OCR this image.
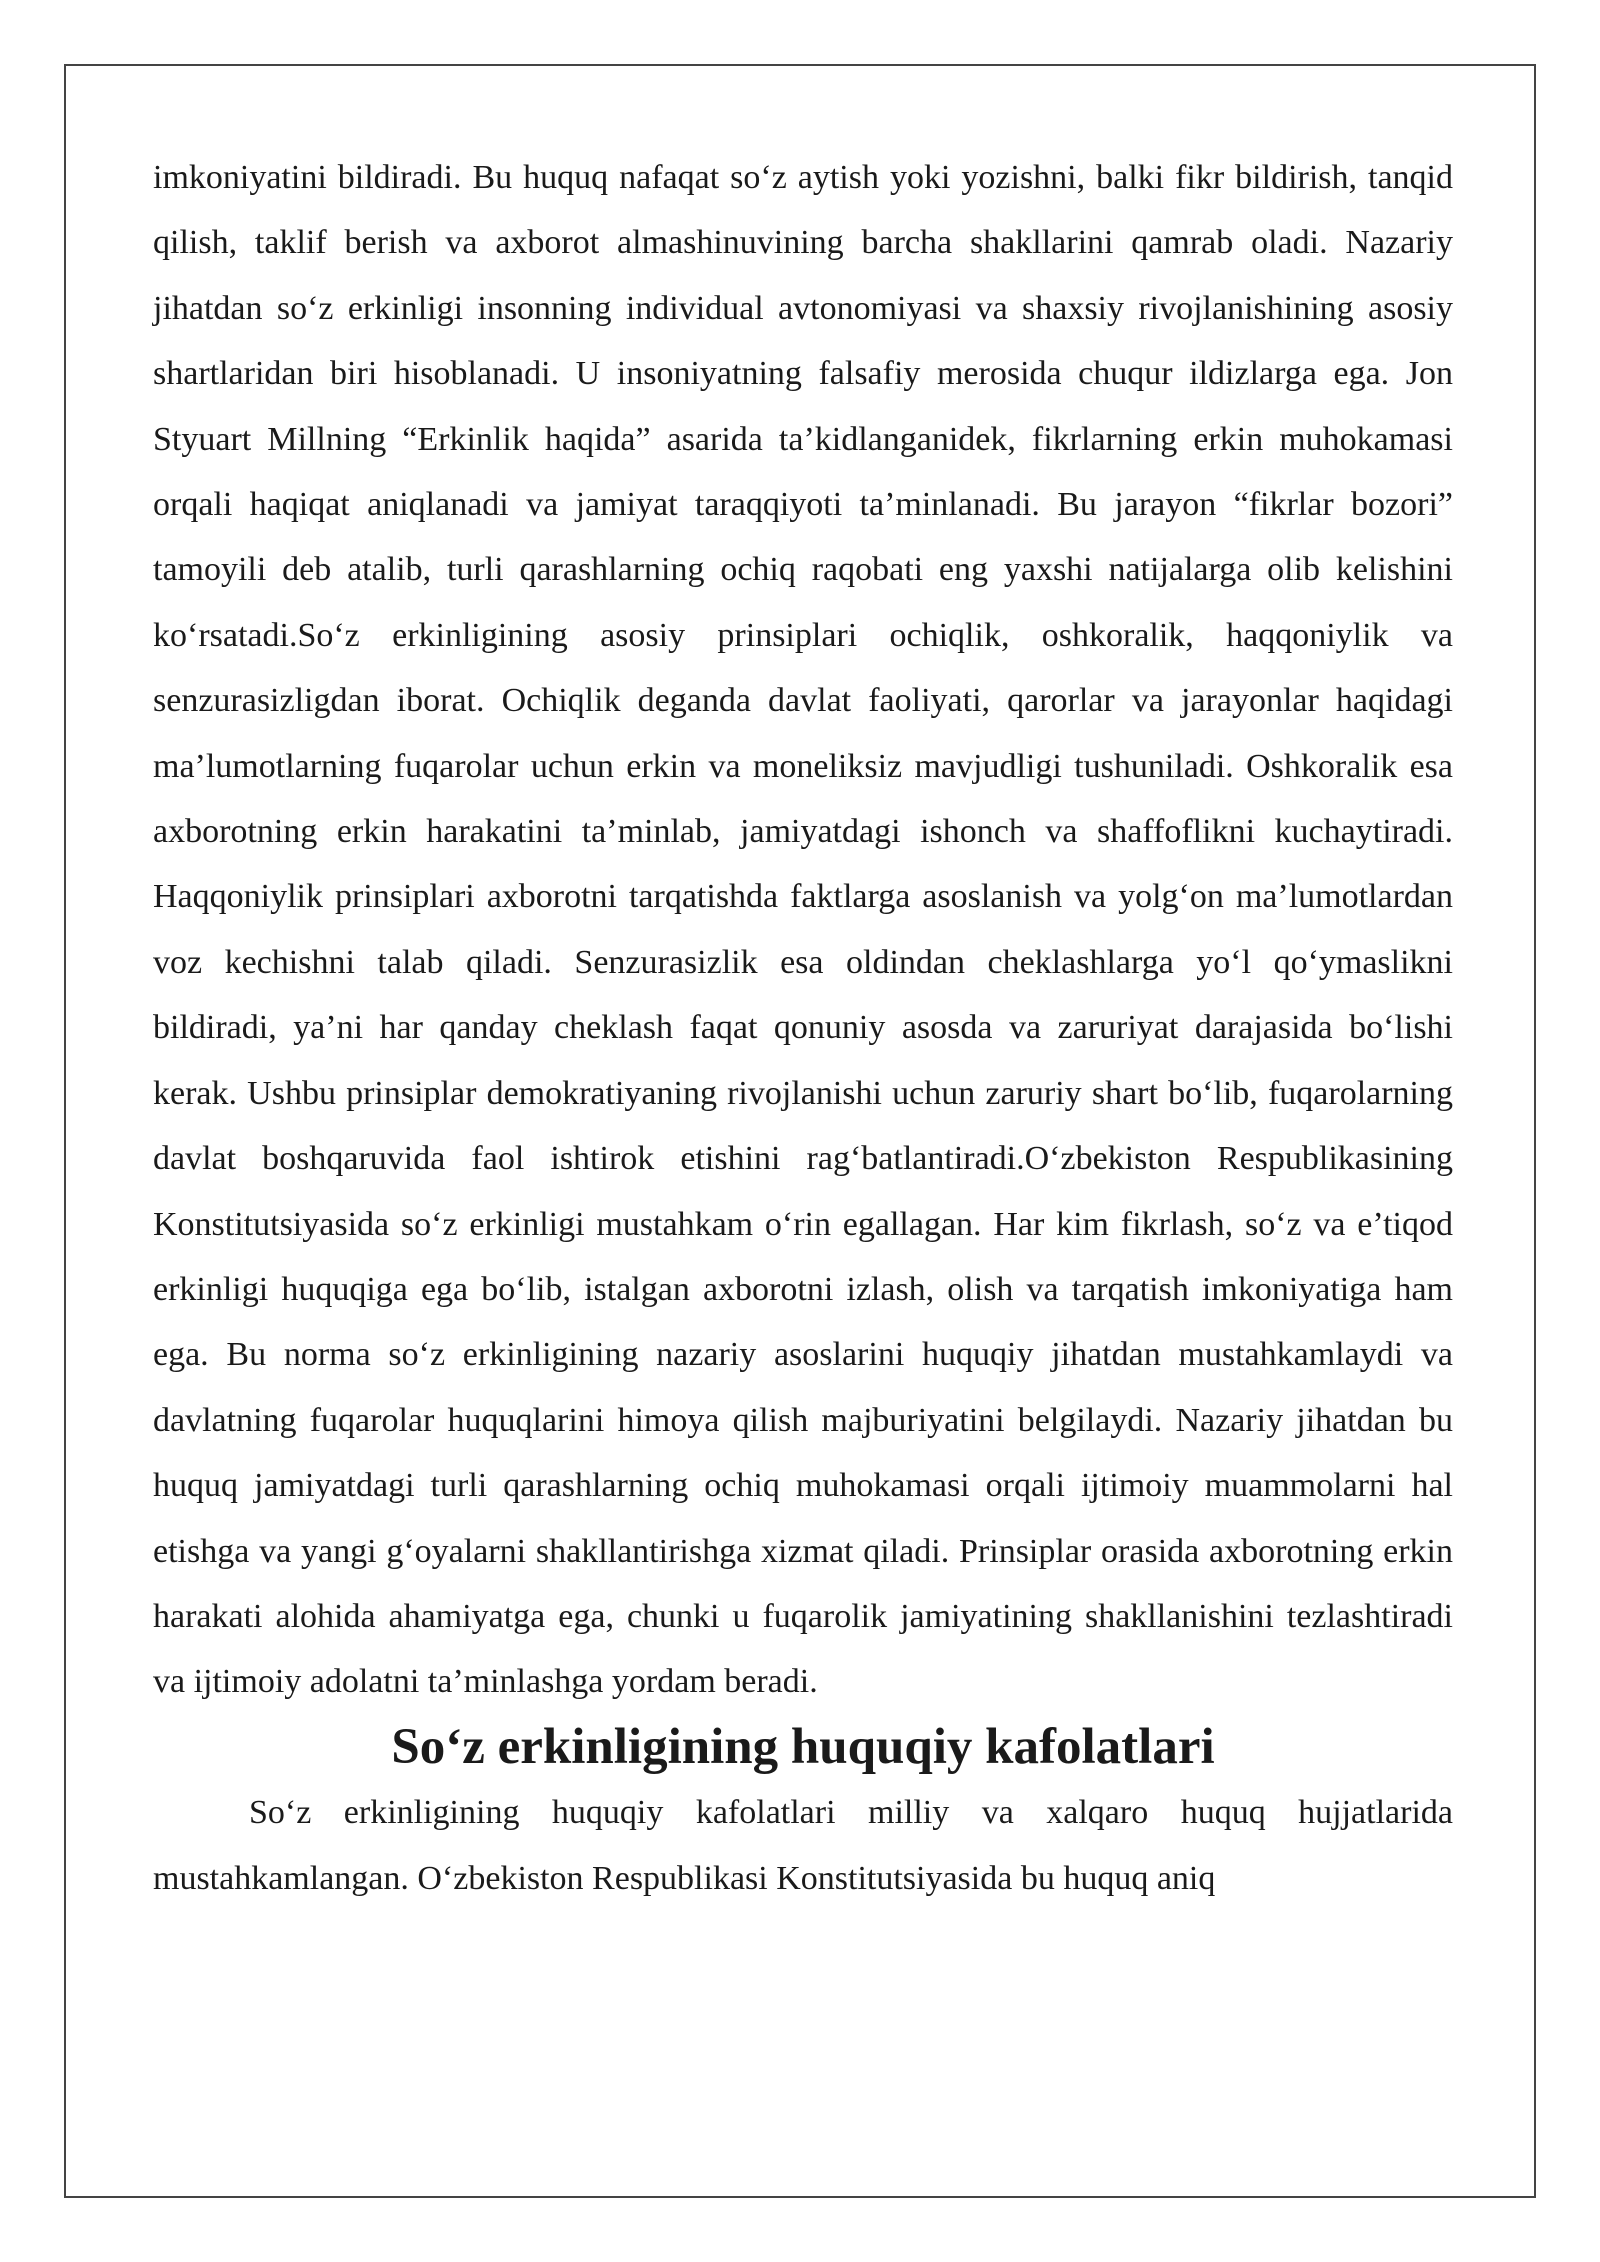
imkoniyatini bildiradi. Bu huquq nafaqat so‘z aytish yoki yozishni, balki fikr bildirish, tanqid qilish, taklif berish va axborot almashinuvining barcha shakllarini qamrab oladi. Nazariy jihatdan so‘z erkinligi insonning individual avtonomiyasi va shaxsiy rivojlanishining asosiy shartlaridan biri hisoblanadi. U insoniyatning falsafiy merosida chuqur ildizlarga ega. Jon Styuart Millning “Erkinlik haqida” asarida ta’kidlanganidek, fikrlarning erkin muhokamasi orqali haqiqat aniqlanadi va jamiyat taraqqiyoti ta’minlanadi. Bu jarayon “fikrlar bozori” tamoyili deb atalib, turli qarashlarning ochiq raqobati eng yaxshi natijalarga olib kelishini ko‘rsatadi.So‘z erkinligining asosiy prinsiplari ochiqlik, oshkoralik, haqqoniylik va senzurasizligdan iborat. Ochiqlik deganda davlat faoliyati, qarorlar va jarayonlar haqidagi ma’lumotlarning fuqarolar uchun erkin va moneliksiz mavjudligi tushuniladi. Oshkoralik esa axborotning erkin harakatini ta’minlab, jamiyatdagi ishonch va shaffoflikni kuchaytiradi. Haqqoniylik prinsiplari axborotni tarqatishda faktlarga asoslanish va yolg‘on ma’lumotlardan voz kechishni talab qiladi. Senzurasizlik esa oldindan cheklashlarga yo‘l qo‘ymaslikni bildiradi, ya’ni har qanday cheklash faqat qonuniy asosda va zaruriyat darajasida bo‘lishi kerak. Ushbu prinsiplar demokratiyaning rivojlanishi uchun zaruriy shart bo‘lib, fuqarolarning davlat boshqaruvida faol ishtirok etishini rag‘batlantiradi.O‘zbekiston Respublikasining Konstitutsiyasida so‘z erkinligi mustahkam o‘rin egallagan. Har kim fikrlash, so‘z va e’tiqod erkinligi huquqiga ega bo‘lib, istalgan axborotni izlash, olish va tarqatish imkoniyatiga ham ega. Bu norma so‘z erkinligining nazariy asoslarini huquqiy jihatdan mustahkamlaydi va davlatning fuqarolar huquqlarini himoya qilish majburiyatini belgilaydi. Nazariy jihatdan bu huquq jamiyatdagi turli qarashlarning ochiq muhokamasi orqali ijtimoiy muammolarni hal etishga va yangi g‘oyalarni shakllantirishga xizmat qiladi. Prinsiplar orasida axborotning erkin harakati alohida ahamiyatga ega, chunki u fuqarolik jamiyatining shakllanishini tezlashtiradi va ijtimoiy adolatni ta’minlashga yordam beradi.

So‘z erkinligining huquqiy kafolatlari

So‘z erkinligining huquqiy kafolatlari milliy va xalqaro huquq hujjatlarida mustahkamlangan. O‘zbekiston Respublikasi Konstitutsiyasida bu huquq aniq
